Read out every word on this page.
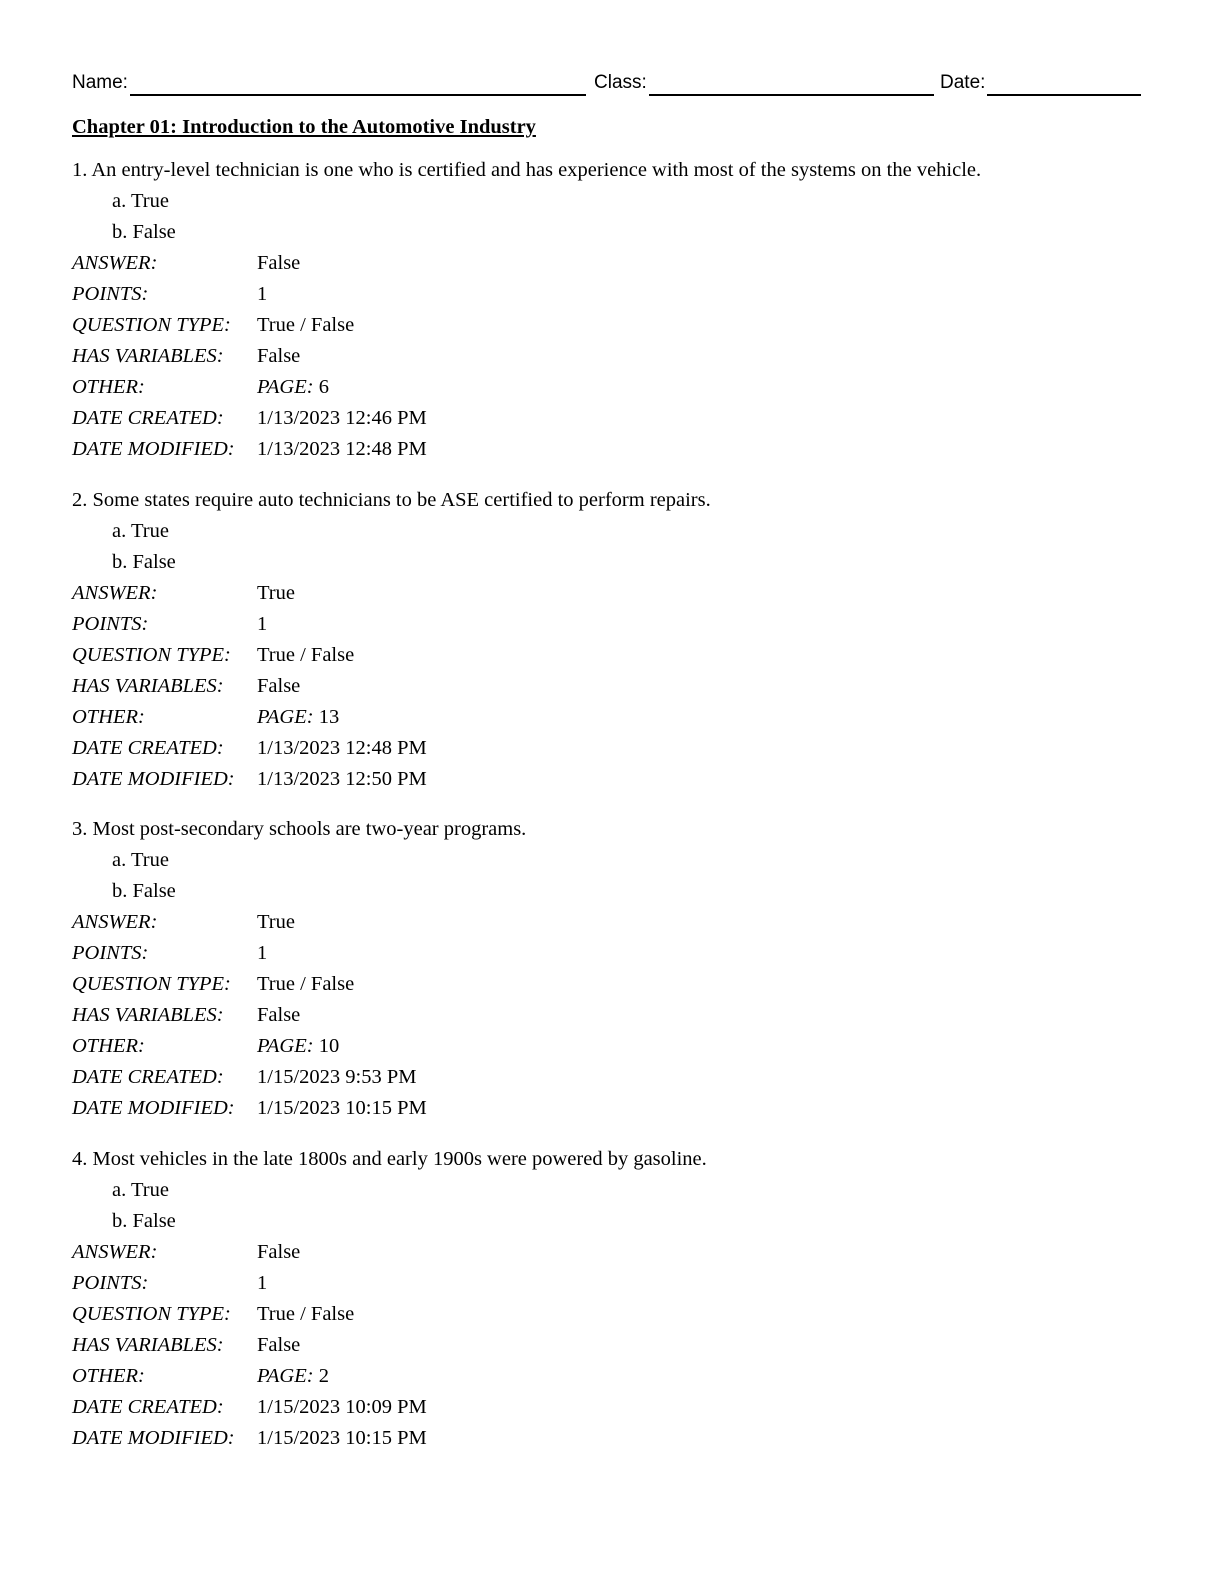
Name:	Class:	Date:
Chapter 01: Introduction to the Automotive Industry
1. An entry-level technician is one who is certified and has experience with most of the systems on the vehicle.
a. True
b. False
ANSWER:	False
POINTS:	1
QUESTION TYPE:	True / False
HAS VARIABLES:	False
OTHER:	PAGE: 6
DATE CREATED:	1/13/2023 12:46 PM
DATE MODIFIED:	1/13/2023 12:48 PM
2. Some states require auto technicians to be ASE certified to perform repairs.
a. True
b. False
ANSWER:	True
POINTS:	1
QUESTION TYPE:	True / False
HAS VARIABLES:	False
OTHER:	PAGE: 13
DATE CREATED:	1/13/2023 12:48 PM
DATE MODIFIED:	1/13/2023 12:50 PM
3. Most post-secondary schools are two-year programs.
a. True
b. False
ANSWER:	True
POINTS:	1
QUESTION TYPE:	True / False
HAS VARIABLES:	False
OTHER:	PAGE: 10
DATE CREATED:	1/15/2023 9:53 PM
DATE MODIFIED:	1/15/2023 10:15 PM
4. Most vehicles in the late 1800s and early 1900s were powered by gasoline.
a. True
b. False
ANSWER:	False
POINTS:	1
QUESTION TYPE:	True / False
HAS VARIABLES:	False
OTHER:	PAGE: 2
DATE CREATED:	1/15/2023 10:09 PM
DATE MODIFIED:	1/15/2023 10:15 PM
